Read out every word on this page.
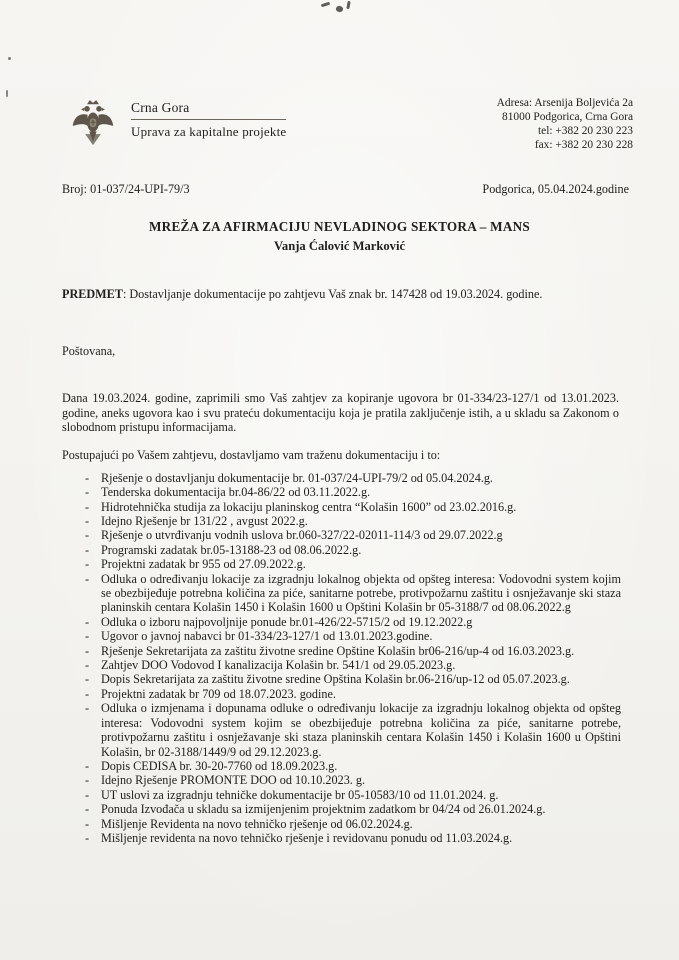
Crna Gora
Uprava za kapitalne projekte
Adresa: Arsenija Boljevića 2a
81000 Podgorica, Crna Gora
tel: +382 20 230 223
fax: +382 20 230 228
Broj: 01-037/24-UPI-79/3	Podgorica, 05.04.2024.godine
MREŽA ZA AFIRMACIJU NEVLADINOG SEKTORA – MANS
Vanja Ćalović Marković
PREDMET: Dostavljanje dokumentacije po zahtjevu Vaš znak br. 147428 od 19.03.2024. godine.
Poštovana,

Dana 19.03.2024. godine, zaprimili smo Vaš zahtjev za kopiranje ugovora br 01-334/23-127/1 od 13.01.2023. godine, aneks ugovora kao i svu prateću dokumentaciju koja je pratila zaključenje istih, a u skladu sa Zakonom o slobodnom pristupu informacijama.

Postupajući po Vašem zahtjevu, dostavljamo vam traženu dokumentaciju i to:

- Rješenje o dostavljanju dokumentacije br. 01-037/24-UPI-79/2 od 05.04.2024.g.
- Tenderska dokumentacija br.04-86/22 od 03.11.2022.g.
- Hidrotehnička studija za lokaciju planinskog centra “Kolašin 1600” od 23.02.2016.g.
- Idejno Rješenje br 131/22 , avgust 2022.g.
- Rješenje o utvrđivanju vodnih uslova br.060-327/22-02011-114/3 od 29.07.2022.g
- Programski zadatak br.05-13188-23 od 08.06.2022.g.
- Projektni zadatak br 955 od 27.09.2022.g.
- Odluka o određivanju lokacije za izgradnju lokalnog objekta od opšteg interesa: Vodovodni system kojim se obezbijeđuje potrebna količina za piće, sanitarne potrebe, protivpožarnu zaštitu i osnježavanje ski staza planinskih centara Kolašin 1450 i Kolašin 1600 u Opštini Kolašin br 05-3188/7 od 08.06.2022.g
- Odluka o izboru najpovoljnije ponude br.01-426/22-5715/2 od 19.12.2022.g
- Ugovor o javnoj nabavci br 01-334/23-127/1 od 13.01.2023.godine.
- Rješenje Sekretarijata za zaštitu životne sredine Opštine Kolašin br06-216/up-4 od 16.03.2023.g.
- Zahtjev DOO Vodovod I kanalizacija Kolašin br. 541/1 od 29.05.2023.g.
- Dopis Sekretarijata za zaštitu životne sredine Opština Kolašin br.06-216/up-12 od 05.07.2023.g.
- Projektni zadatak br 709 od 18.07.2023. godine.
- Odluka o izmjenama i dopunama odluke o određivanju lokacije za izgradnju lokalnog objekta od opšteg interesa: Vodovodni system kojim se obezbijeđuje potrebna količina za piće, sanitarne potrebe, protivpožarnu zaštitu i osnježavanje ski staza planinskih centara Kolašin 1450 i Kolašin 1600 u Opštini Kolašin, br 02-3188/1449/9 od 29.12.2023.g.
- Dopis CEDISA br. 30-20-7760 od 18.09.2023.g.
- Idejno Rješenje PROMONTE DOO od 10.10.2023. g.
- UT uslovi za izgradnju tehničke dokumentacije br 05-10583/10 od 11.01.2024. g.
- Ponuda Izvođača u skladu sa izmijenjenim projektnim zadatkom br 04/24 od 26.01.2024.g.
- Mišljenje Revidenta na novo tehničko rješenje od 06.02.2024.g.
- Mišljenje revidenta na novo tehničko rješenje i revidovanu ponudu od 11.03.2024.g.
